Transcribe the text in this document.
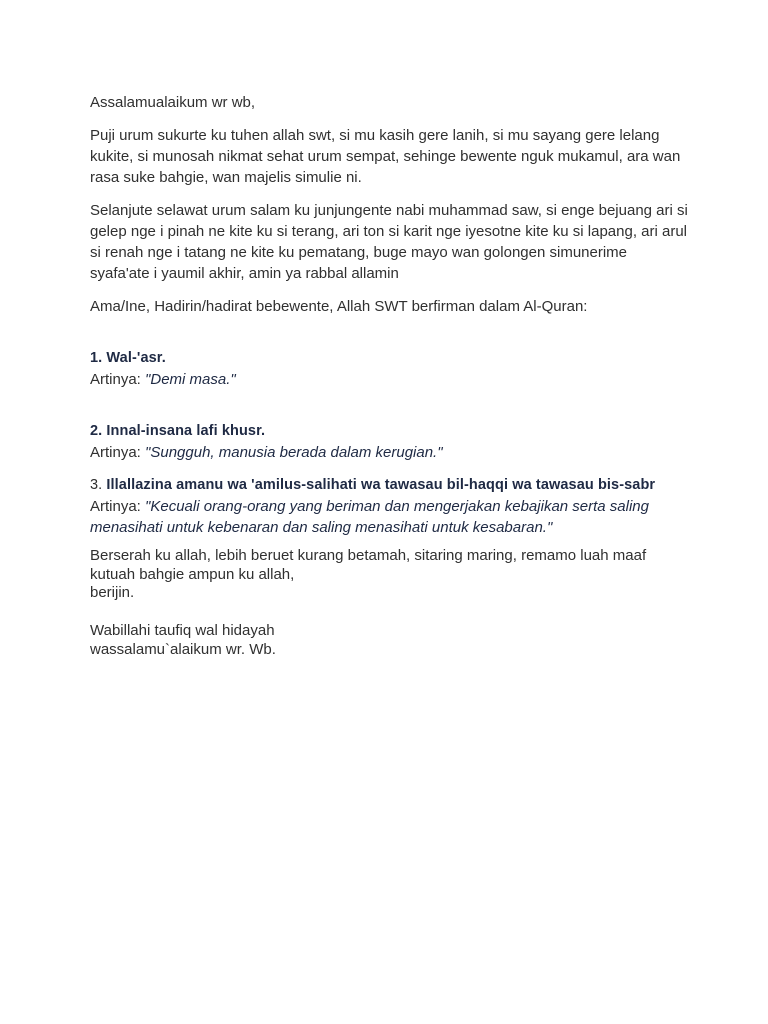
Assalamualaikum wr wb,

Puji urum sukurte ku tuhen allah swt, si mu kasih gere lanih, si mu sayang gere lelang kukite, si munosah nikmat sehat urum sempat, sehinge bewente nguk mukamul, ara wan rasa suke bahgie, wan majelis simulie ni.

Selanjute selawat urum salam ku junjungente nabi muhammad saw, si enge bejuang ari si gelep nge i pinah ne kite ku si terang, ari ton si karit nge iyesotne kite ku si lapang, ari arul si renah nge i tatang ne kite ku pematang, buge mayo wan golongen simunerime syafa'ate i yaumil akhir, amin ya rabbal allamin

Ama/Ine, Hadirin/hadirat bebewente, Allah SWT berfirman dalam Al-Quran:

1. Wal-'asr.
Artinya: "Demi masa."
2. Innal-insana lafi khusr.
Artinya: "Sungguh, manusia berada dalam kerugian."
3. Illallazina amanu wa 'amilus-salihati wa tawasau bil-haqqi wa tawasau bis-sabr
Artinya: "Kecuali orang-orang yang beriman dan mengerjakan kebajikan serta saling
menasihati untuk kebenaran dan saling menasihati untuk kesabaran."
Berserah ku allah, lebih beruet kurang betamah, sitaring maring, remamo luah maaf
kutuah bahgie ampun ku allah,
berijin.
Wabillahi taufiq wal hidayah
wassalamu`alaikum wr. Wb.
